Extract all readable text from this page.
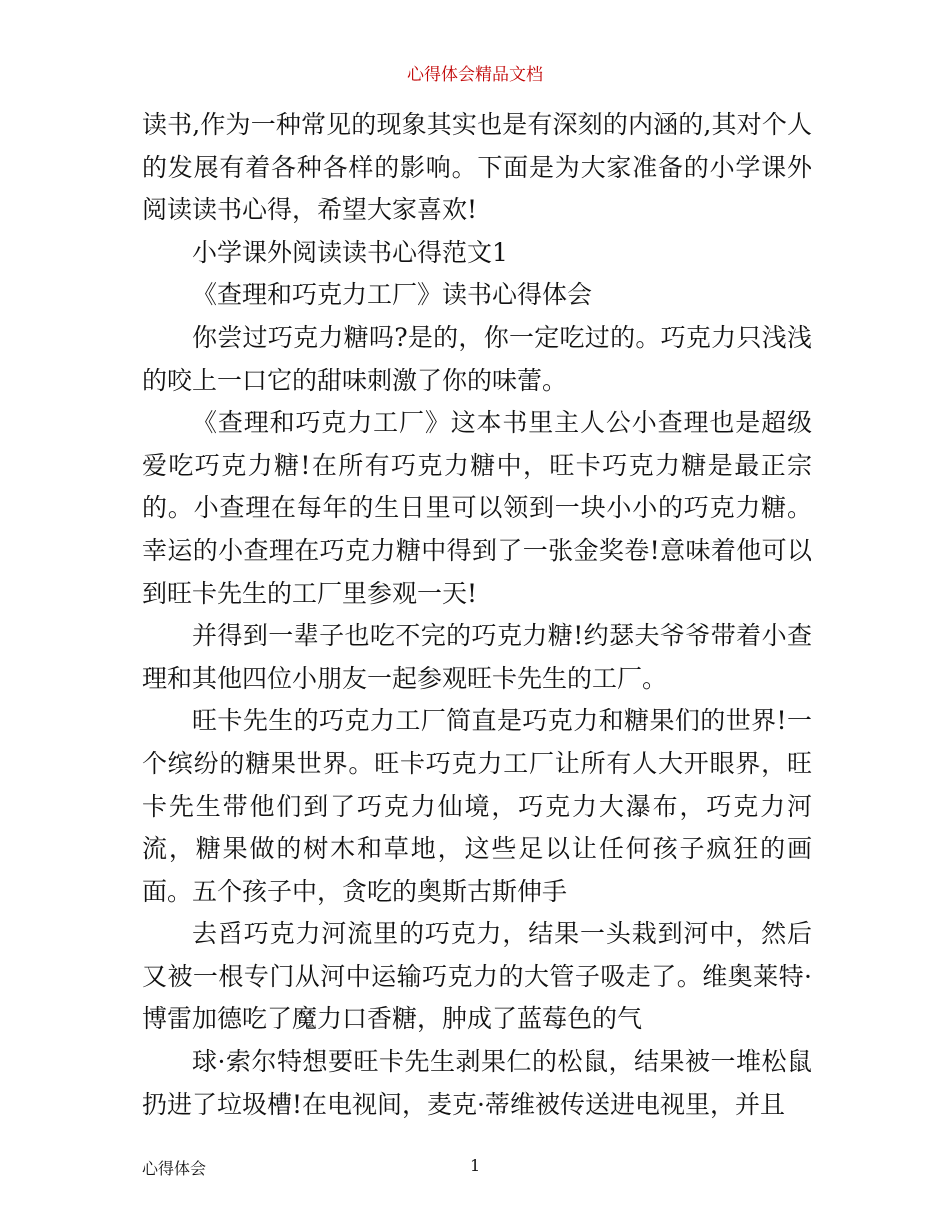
心得体会精品文档

读书,作为一种常见的现象其实也是有深刻的内涵的,其对个人的发展有着各种各样的影响。下面是为大家准备的小学课外阅读读书心得，希望大家喜欢!

小学课外阅读读书心得范文1

《查理和巧克力工厂》读书心得体会

你尝过巧克力糖吗?是的，你一定吃过的。巧克力只浅浅的咬上一口它的甜味刺激了你的味蕾。

《查理和巧克力工厂》这本书里主人公小查理也是超级爱吃巧克力糖!在所有巧克力糖中，旺卡巧克力糖是最正宗的。小查理在每年的生日里可以领到一块小小的巧克力糖。幸运的小查理在巧克力糖中得到了一张金奖卷!意味着他可以到旺卡先生的工厂里参观一天!

并得到一辈子也吃不完的巧克力糖!约瑟夫爷爷带着小查理和其他四位小朋友一起参观旺卡先生的工厂。

旺卡先生的巧克力工厂简直是巧克力和糖果们的世界!一个缤纷的糖果世界。旺卡巧克力工厂让所有人大开眼界，旺卡先生带他们到了巧克力仙境，巧克力大瀑布，巧克力河流，糖果做的树木和草地，这些足以让任何孩子疯狂的画面。五个孩子中，贪吃的奥斯古斯伸手

去舀巧克力河流里的巧克力，结果一头栽到河中，然后又被一根专门从河中运输巧克力的大管子吸走了。维奥莱特·博雷加德吃了魔力口香糖，肿成了蓝莓色的气

球·索尔特想要旺卡先生剥果仁的松鼠，结果被一堆松鼠扔进了垃圾槽!在电视间，麦克·蒂维被传送进电视里，并且

心得体会	1
